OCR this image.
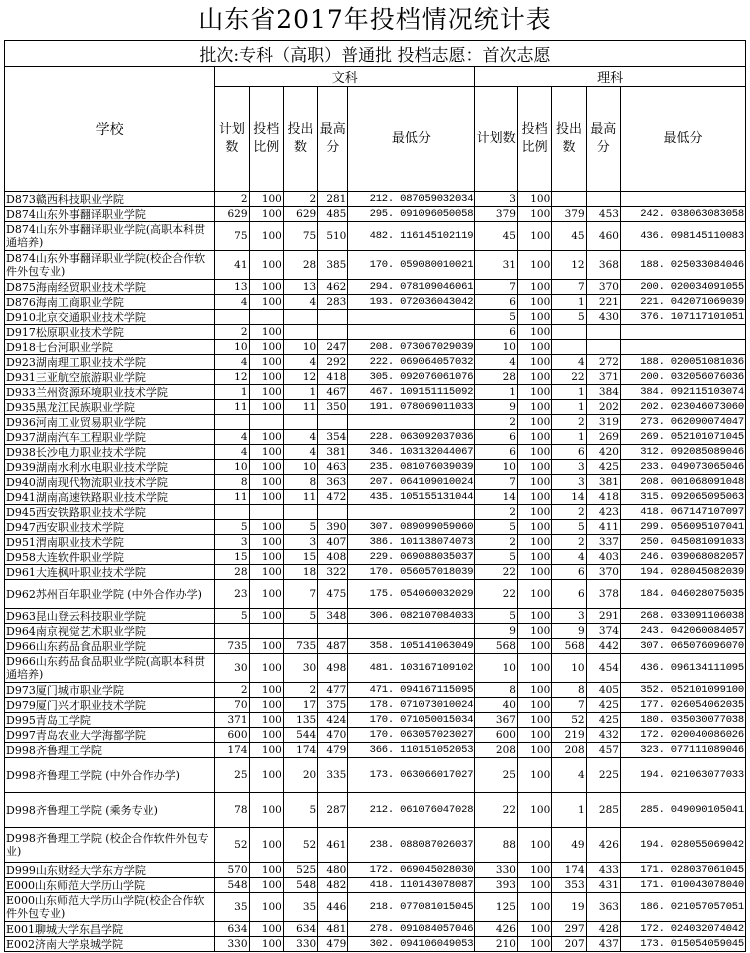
山东省2017年投档情况统计表
批次:专科（高职）普通批 投档志愿：首次志愿										
学校	文科					理科				
	计划数	投档比例	投出数	最高分	最低分	计划数	投档比例	投出数	最高分	最低分
D873赣西科技职业学院	2	100	2	281	212. 087059032034	3	100			
D874山东外事翻译职业学院	629	100	629	485	295. 091096050058	379	100	379	453	242. 038063083058
D874山东外事翻译职业学院(高职本科贯通培养)	75	100	75	510	482. 116145102119	45	100	45	460	436. 098145110083
D874山东外事翻译职业学院(校企合作软件外包专业)	41	100	28	385	170. 059080010021	31	100	12	368	188. 025033084046
D875海南经贸职业技术学院	13	100	13	462	294. 078109046061	7	100	7	370	200. 020034091055
D876海南工商职业学院	4	100	4	283	193. 072036043042	6	100	1	221	221. 042071069039
D910北京交通职业技术学院						5	100	5	430	376. 107117101051
D917松原职业技术学院	2	100				6	100			
D918七台河职业学院	10	100	10	247	208. 073067029039	10	100			
D923湖南理工职业技术学院	4	100	4	292	222. 069064057032	4	100	4	272	188. 020051081036
D931三亚航空旅游职业学院	12	100	12	418	305. 092076061076	28	100	22	371	200. 032056076036
D933兰州资源环境职业技术学院	1	100	1	467	467. 109151115092	1	100	1	384	384. 092115103074
D935黑龙江民族职业学院	11	100	11	350	191. 078069011033	9	100	1	202	202. 023046073060
D936河南工业贸易职业学院						2	100	2	319	273. 062090074047
D937湖南汽车工程职业学院	4	100	4	354	228. 063092037036	6	100	1	269	269. 052101071045
D938长沙电力职业技术学院	4	100	4	381	346. 103132044067	6	100	6	420	312. 092085089046
D939湖南水利水电职业技术学院	10	100	10	463	235. 081076039039	10	100	3	425	233. 049073065046
D940湖南现代物流职业技术学院	8	100	8	363	207. 064109010024	7	100	3	381	208. 001068091048
D941湖南高速铁路职业技术学院	11	100	11	472	435. 105155131044	14	100	14	418	315. 092065095063
D945西安铁路职业技术学院						2	100	2	423	418. 067147107097
D947西安职业技术学院	5	100	5	390	307. 089099059060	5	100	5	411	299. 056095107041
D951渭南职业技术学院	3	100	3	407	386. 101138074073	2	100	2	337	250. 045081091033
D958大连软件职业学院	15	100	15	408	229. 069088035037	5	100	4	403	246. 039068082057
D961大连枫叶职业技术学院	28	100	18	322	170. 056057018039	22	100	6	370	194. 028045082039
D962苏州百年职业学院 (中外合作办学)	23	100	7	475	175. 054060032029	22	100	6	378	184. 046028075035
D963昆山登云科技职业学院	5	100	5	348	306. 082107084033	5	100	3	291	268. 033091106038
D964南京视觉艺术职业学院						9	100	9	374	243. 042060084057
D966山东药品食品职业学院	735	100	735	487	358. 105141063049	568	100	568	442	307. 065076096070
D966山东药品食品职业学院(高职本科贯通培养)	30	100	30	498	481. 103167109102	10	100	10	454	436. 096134111095
D973厦门城市职业学院	2	100	2	477	471. 094167115095	8	100	8	405	352. 052101099100
D979厦门兴才职业技术学院	70	100	17	375	178. 071073010024	40	100	7	425	177. 026054062035
D995青岛工学院	371	100	135	424	170. 071050015034	367	100	52	425	180. 035030077038
D997青岛农业大学海都学院	600	100	544	470	170. 063057023027	600	100	219	432	172. 020040086026
D998齐鲁理工学院	174	100	174	479	366. 110151052053	208	100	208	457	323. 077111089046
D998齐鲁理工学院 (中外合作办学)	25	100	20	335	173. 063066017027	25	100	4	225	194. 021063077033
D998齐鲁理工学院 (乘务专业)	78	100	5	287	212. 061076047028	22	100	1	285	285. 049090105041
D998齐鲁理工学院 (校企合作软件外包专业)	52	100	52	461	238. 088087026037	88	100	49	426	194. 028055069042
D999山东财经大学东方学院	570	100	525	480	172. 069045028030	330	100	174	433	171. 028037061045
E000山东师范大学历山学院	548	100	548	482	418. 110143078087	393	100	353	431	171. 010043078040
E000山东师范大学历山学院(校企合作软件外包专业)	35	100	35	446	218. 077081015045	125	100	19	363	186. 021057057051
E001聊城大学东昌学院	634	100	634	481	278. 091084057046	426	100	297	428	172. 024032074042
E002济南大学泉城学院	330	100	330	479	302. 094106049053	210	100	207	437	173. 015054059045
